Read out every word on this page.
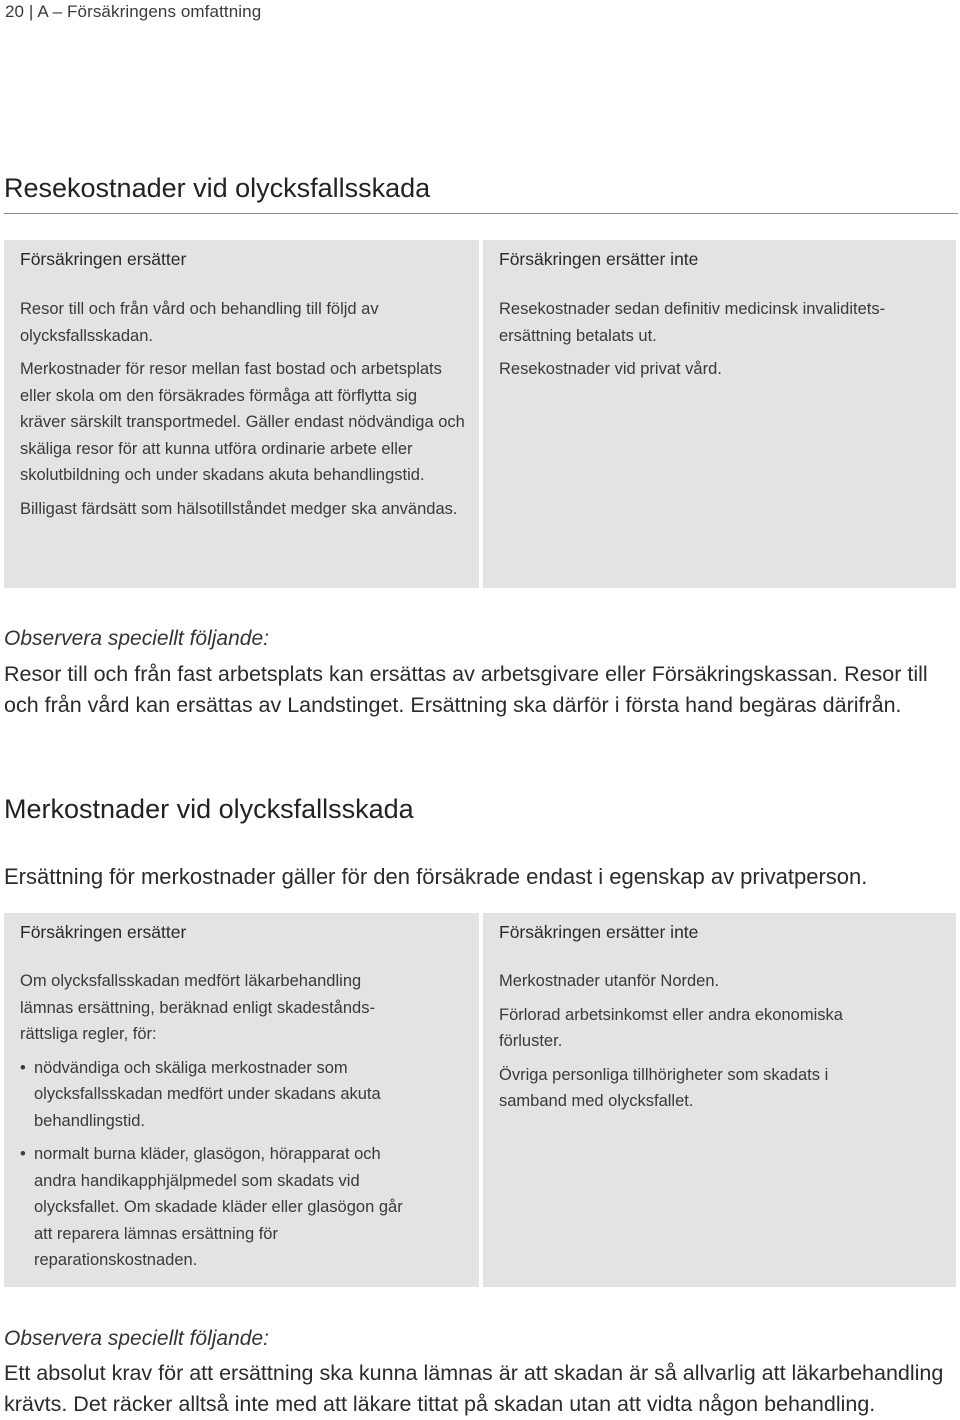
20 | A – Försäkringens omfattning
Resekostnader vid olycksfallsskada
Försäkringen ersätter

Resor till och från vård och behandling till följd av olycksfallsskadan.

Merkostnader för resor mellan fast bostad och arbetsplats eller skola om den försäkrades förmåga att förflytta sig kräver särskilt transportmedel. Gäller endast nödvändiga och skäliga resor för att kunna utföra ordinarie arbete eller skolutbildning och under skadans akuta behandlingstid.

Billigast färdsätt som hälsotillståndet medger ska användas.

Försäkringen ersätter inte

Resekostnader sedan definitiv medicinsk invaliditetsersättning betalats ut.

Resekostnader vid privat vård.

Observera speciellt följande:

Resor till och från fast arbetsplats kan ersättas av arbetsgivare eller Försäkringskassan. Resor till och från vård kan ersättas av Landstinget. Ersättning ska därför i första hand begäras därifrån.

Merkostnader vid olycksfallsskada

Ersättning för merkostnader gäller för den försäkrade endast i egenskap av privatperson.

Försäkringen ersätter

Om olycksfallsskadan medfört läkarbehandling lämnas ersättning, beräknad enligt skadeståndsrättsliga regler, för:

• nödvändiga och skäliga merkostnader som olycksfallsskadan medfört under skadans akuta behandlingstid.

• normalt burna kläder, glasögon, hörapparat och andra handikapphjälpmedel som skadats vid olycksfallet. Om skadade kläder eller glasögon går att reparera lämnas ersättning för reparationskostnaden.

Försäkringen ersätter inte

Merkostnader utanför Norden.

Förlorad arbetsinkomst eller andra ekonomiska förluster.

Övriga personliga tillhörigheter som skadats i samband med olycksfallet.

Observera speciellt följande:

Ett absolut krav för att ersättning ska kunna lämnas är att skadan är så allvarlig att läkarbehandling krävts. Det räcker alltså inte med att läkare tittat på skadan utan att vidta någon behandling.
